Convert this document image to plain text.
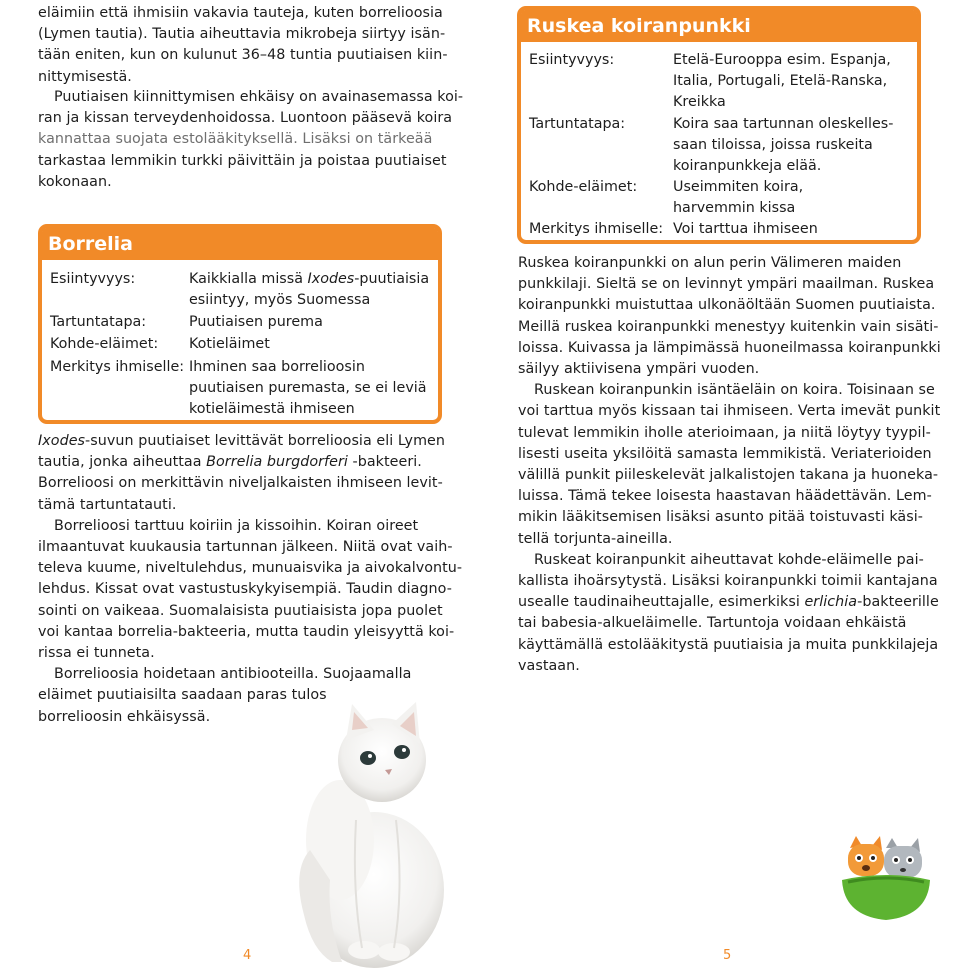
eläimiin että ihmisiin vakavia tauteja, kuten borrelioosia
(Lymen tautia). Tautia aiheuttavia mikrobeja siirtyy isän-
tään eniten, kun on kulunut 36–48 tuntia puutiaisen kiin-
nittymisestä.
Puutiaisen kiinnittymisen ehkäisy on avainasemassa koi-
ran ja kissan terveydenhoidossa. Luontoon pääsevä koira
kannattaa suojata estolääkityksellä. Lisäksi on tärkeää
tarkastaa lemmikin turkki päivittäin ja poistaa puutiaiset
kokonaan.
Borrelia
Esiintyvyys:	Kaikkialla missä Ixodes-puutiaisia
esiintyy, myös Suomessa
Tartuntatapa:	Puutiaisen purema
Kohde-eläimet: Kotieläimet
Merkitys ihmiselle: Ihminen saa borrelioosin
puutiaisen puremasta, se ei leviä
kotieläimestä ihmiseen
Ixodes-suvun puutiaiset levittävät borrelioosia eli Lymen
tautia, jonka aiheuttaa Borrelia burgdorferi -bakteeri.
Borrelioosi on merkittävin niveljalkaisten ihmiseen levit-
tämä tartuntatauti.
Borrelioosi tarttuu koiriin ja kissoihin. Koiran oireet
ilmaantuvat kuukausia tartunnan jälkeen. Niitä ovat vaih-
televa kuume, niveltulehdus, munuaisvika ja aivokalvontu-
lehdus. Kissat ovat vastustuskykyisempiä. Taudin diagno-
sointi on vaikeaa. Suomalaisista puutiaisista jopa puolet
voi kantaa borrelia-bakteeria, mutta taudin yleisyyttä koi-
rissa ei tunneta.
Borrelioosia hoidetaan antibiooteilla. Suojaamalla
eläimet puutiaisilta saadaan paras tulos
borrelioosin ehkäisyssä.
Ruskea koiranpunkki
Esiintyvyys:	Etelä-Eurooppa esim. Espanja,
Italia, Portugali, Etelä-Ranska,
Kreikka
Tartuntatapa:	Koira saa tartunnan oleskelles-
saan tiloissa, joissa ruskeita
koiranpunkkeja elää.
Kohde-eläimet:	Useimmiten koira,
harvemmin kissa
Merkitys ihmiselle: Voi tarttua ihmiseen
Ruskea koiranpunkki on alun perin Välimeren maiden
punkkilaji. Sieltä se on levinnyt ympäri maailman. Ruskea
koiranpunkki muistuttaa ulkonäöltään Suomen puutiaista.
Meillä ruskea koiranpunkki menestyy kuitenkin vain sisäti-
loissa. Kuivassa ja lämpimässä huoneilmassa koiranpunkki
säilyy aktiivisena ympäri vuoden.
Ruskean koiranpunkin isäntäeläin on koira. Toisinaan se
voi tarttua myös kissaan tai ihmiseen. Verta imevät punkit
tulevat lemmikin iholle aterioimaan, ja niitä löytyy tyypil-
lisesti useita yksilöitä samasta lemmikistä. Veriaterioiden
välillä punkit piileskelevät jalkalistojen takana ja huoneka-
luissa. Tämä tekee loisesta haastavan häädettävän. Lem-
mikin lääkitsemisen lisäksi asunto pitää toistuvasti käsi-
tellä torjunta-aineilla.
Ruskeat koiranpunkit aiheuttavat kohde-eläimelle pai-
kallista ihoärsytystä. Lisäksi koiranpunkki toimii kantajana
usealle taudinaiheuttajalle, esimerkiksi erlichia-bakteerille
tai babesia-alkueläimelle. Tartuntoja voidaan ehkäistä
käyttämällä estolääkitystä puutiaisia ja muita punkkilajeja
vastaan.
4	5
